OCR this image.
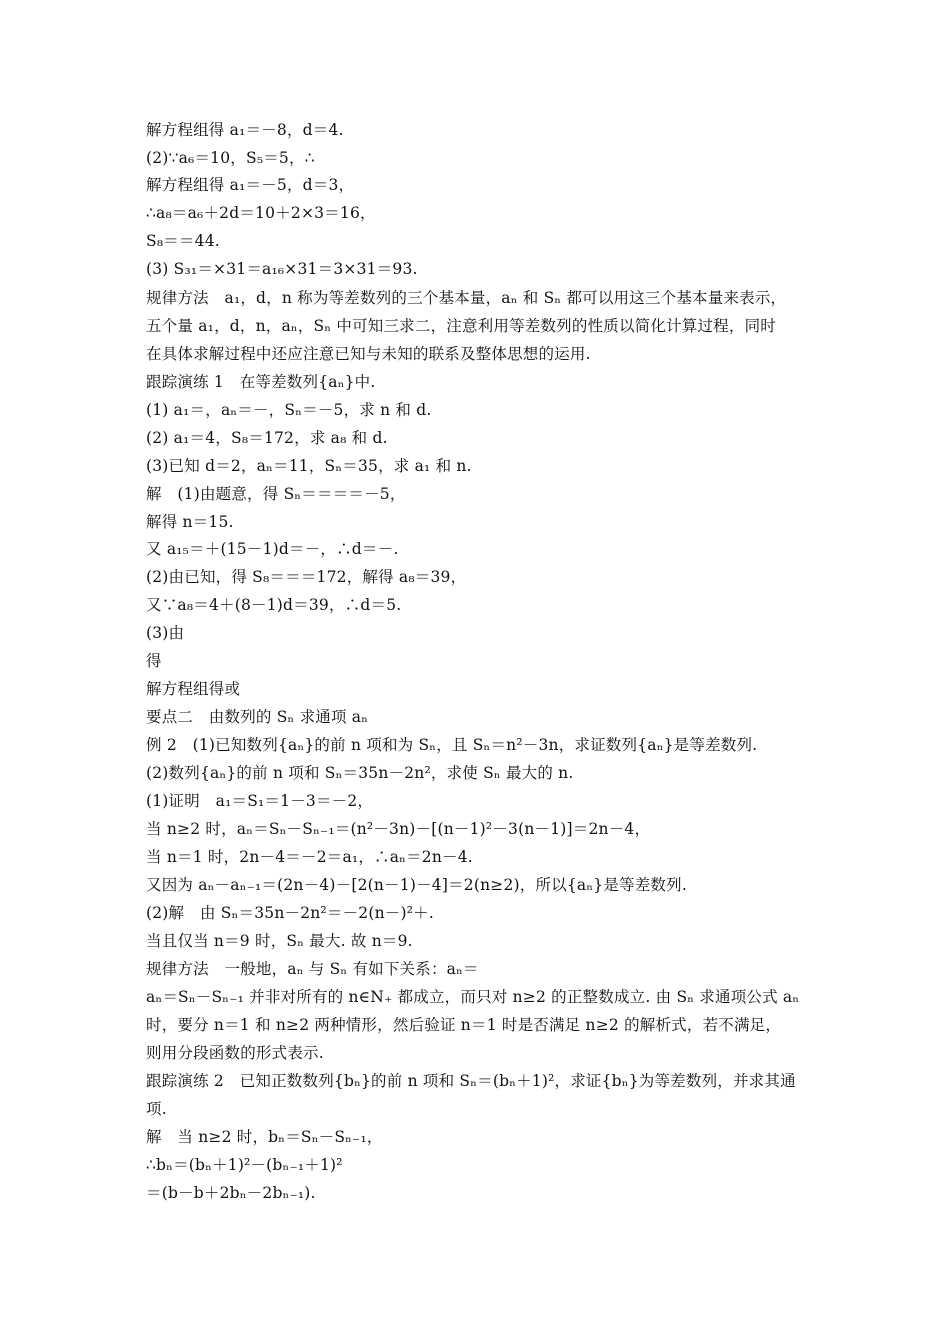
解方程组得 a₁＝－8，d＝4.
(2)∵a₆＝10，S₅＝5，∴
解方程组得 a₁＝－5，d＝3，
∴a₈＝a₆＋2d＝10＋2×3＝16，
S₈＝＝44.
(3) S₃₁＝×31＝a₁₆×31＝3×31＝93.
规律方法　a₁，d，n 称为等差数列的三个基本量，aₙ 和 Sₙ 都可以用这三个基本量来表示，
五个量 a₁，d，n，aₙ，Sₙ 中可知三求二，注意利用等差数列的性质以简化计算过程，同时
在具体求解过程中还应注意已知与未知的联系及整体思想的运用.
跟踪演练 1　在等差数列{aₙ}中.
(1) a₁＝，aₙ＝－，Sₙ＝－5，求 n 和 d.
(2) a₁＝4，S₈＝172，求 a₈ 和 d.
(3)已知 d＝2，aₙ＝11，Sₙ＝35，求 a₁ 和 n.
解　(1)由题意，得 Sₙ＝＝＝＝－5，
解得 n＝15.
又 a₁₅＝＋(15－1)d＝－，∴d＝－.
(2)由已知，得 S₈＝＝＝172，解得 a₈＝39，
又∵a₈＝4＋(8－1)d＝39，∴d＝5.
(3)由
得
解方程组得或
要点二　由数列的 Sₙ 求通项 aₙ
例 2　(1)已知数列{aₙ}的前 n 项和为 Sₙ，且 Sₙ＝n²－3n，求证数列{aₙ}是等差数列.
(2)数列{aₙ}的前 n 项和 Sₙ＝35n－2n²，求使 Sₙ 最大的 n.
(1)证明　a₁＝S₁＝1－3＝－2，
当 n≥2 时，aₙ＝Sₙ－Sₙ₋₁＝(n²－3n)－[(n－1)²－3(n－1)]＝2n－4，
当 n＝1 时，2n－4＝－2＝a₁，∴aₙ＝2n－4.
又因为 aₙ－aₙ₋₁＝(2n－4)－[2(n－1)－4]＝2(n≥2)，所以{aₙ}是等差数列.
(2)解　由 Sₙ＝35n－2n²＝－2(n－)²＋.
当且仅当 n＝9 时，Sₙ 最大. 故 n＝9.
规律方法　一般地，aₙ 与 Sₙ 有如下关系：aₙ＝
aₙ＝Sₙ－Sₙ₋₁ 并非对所有的 n∈N₊ 都成立，而只对 n≥2 的正整数成立. 由 Sₙ 求通项公式 aₙ
时，要分 n＝1 和 n≥2 两种情形，然后验证 n＝1 时是否满足 n≥2 的解析式，若不满足，
则用分段函数的形式表示.
跟踪演练 2　已知正数数列{bₙ}的前 n 项和 Sₙ＝(bₙ＋1)²，求证{bₙ}为等差数列，并求其通
项.
解　当 n≥2 时，bₙ＝Sₙ－Sₙ₋₁，
∴bₙ＝(bₙ＋1)²－(bₙ₋₁＋1)²
＝(b－b＋2bₙ－2bₙ₋₁).
